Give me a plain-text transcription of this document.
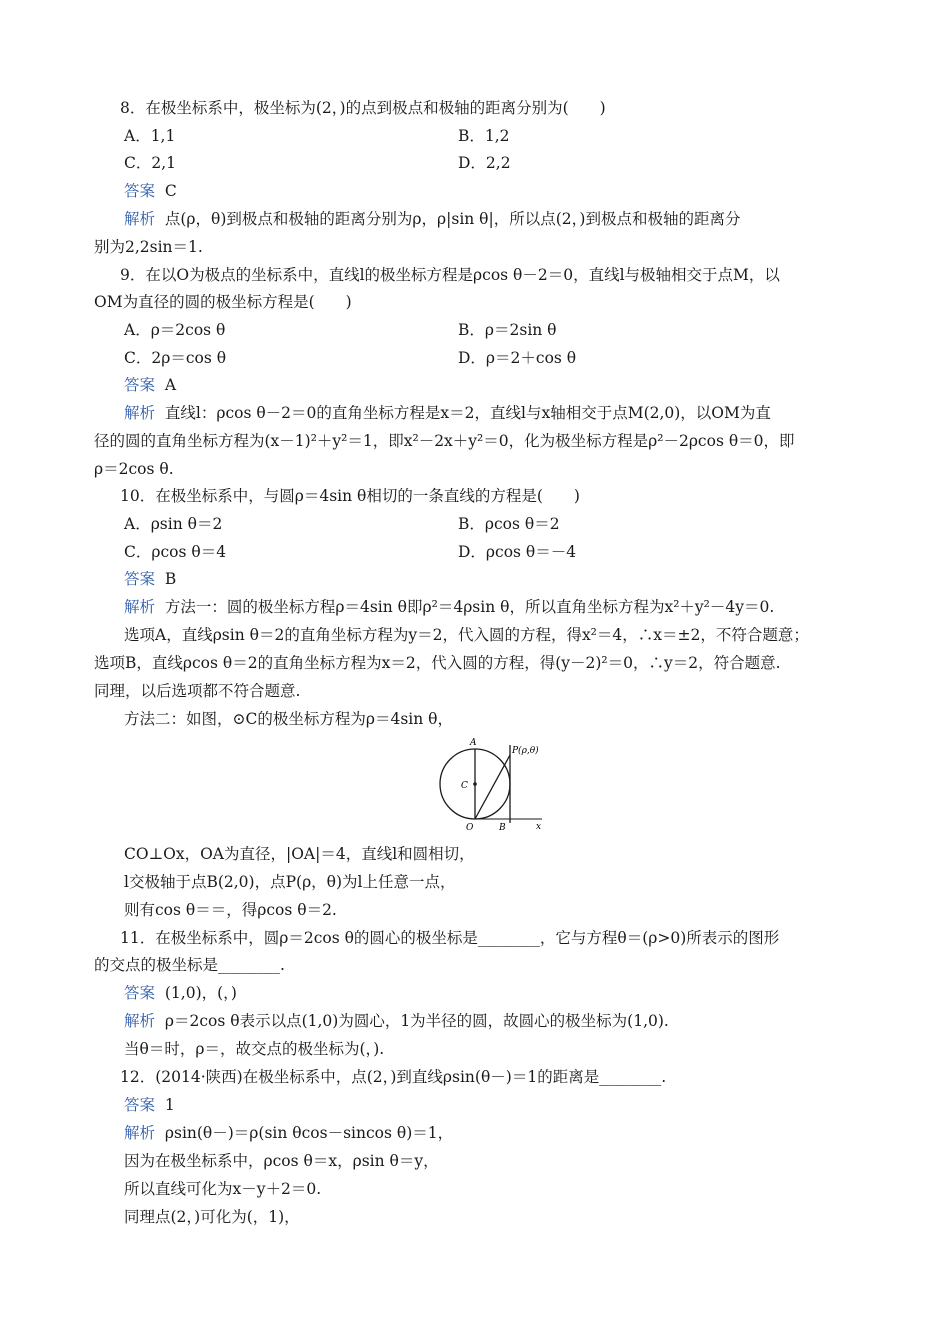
8．在极坐标系中，极坐标为(2，)的点到极点和极轴的距离分别为(　　)
A．1,1	B．1,2
C．2,1	D．2,2
答案 C
解析 点(ρ，θ)到极点和极轴的距离分别为ρ，ρ|sin θ|，所以点(2，)到极点和极轴的距离分
别为2,2sin＝1.
9．在以O为极点的坐标系中，直线l的极坐标方程是ρcos θ－2＝0，直线l与极轴相交于点M，以
OM为直径的圆的极坐标方程是(　　)
A．ρ＝2cos θ	B．ρ＝2sin θ
C．2ρ＝cos θ	D．ρ＝2＋cos θ
答案 A
解析 直线l：ρcos θ－2＝0的直角坐标方程是x＝2，直线l与x轴相交于点M(2,0)，以OM为直
径的圆的直角坐标方程为(x－1)²＋y²＝1，即x²－2x＋y²＝0，化为极坐标方程是ρ²－2ρcos θ＝0，即
ρ＝2cos θ.
10．在极坐标系中，与圆ρ＝4sin θ相切的一条直线的方程是(　　)
A．ρsin θ＝2	B．ρcos θ＝2
C．ρcos θ＝4	D．ρcos θ＝－4
答案 B
解析 方法一：圆的极坐标方程ρ＝4sin θ即ρ²＝4ρsin θ，所以直角坐标方程为x²＋y²－4y＝0.
选项A，直线ρsin θ＝2的直角坐标方程为y＝2，代入圆的方程，得x²＝4，∴x＝±2，不符合题意；
选项B，直线ρcos θ＝2的直角坐标方程为x＝2，代入圆的方程，得(y－2)²＝0，∴y＝2，符合题意.
同理，以后选项都不符合题意.
方法二：如图，⊙C的极坐标方程为ρ＝4sin θ，
A
P(ρ,θ)
C
O	B	x
CO⊥Ox，OA为直径，|OA|＝4，直线l和圆相切，
l交极轴于点B(2,0)，点P(ρ，θ)为l上任意一点，
则有cos θ＝＝，得ρcos θ＝2.
11．在极坐标系中，圆ρ＝2cos θ的圆心的极坐标是________，它与方程θ＝(ρ>0)所表示的图形
的交点的极坐标是________.
答案 (1,0)，(，)
解析 ρ＝2cos θ表示以点(1,0)为圆心，1为半径的圆，故圆心的极坐标为(1,0).
当θ＝时，ρ＝，故交点的极坐标为(，).
12．(2014·陕西)在极坐标系中，点(2，)到直线ρsin(θ－)＝1的距离是________.
答案 1
解析 ρsin(θ－)＝ρ(sin θcos－sincos θ)＝1，
因为在极坐标系中，ρcos θ＝x，ρsin θ＝y，
所以直线可化为x－y＋2＝0.
同理点(2，)可化为(，1)，
